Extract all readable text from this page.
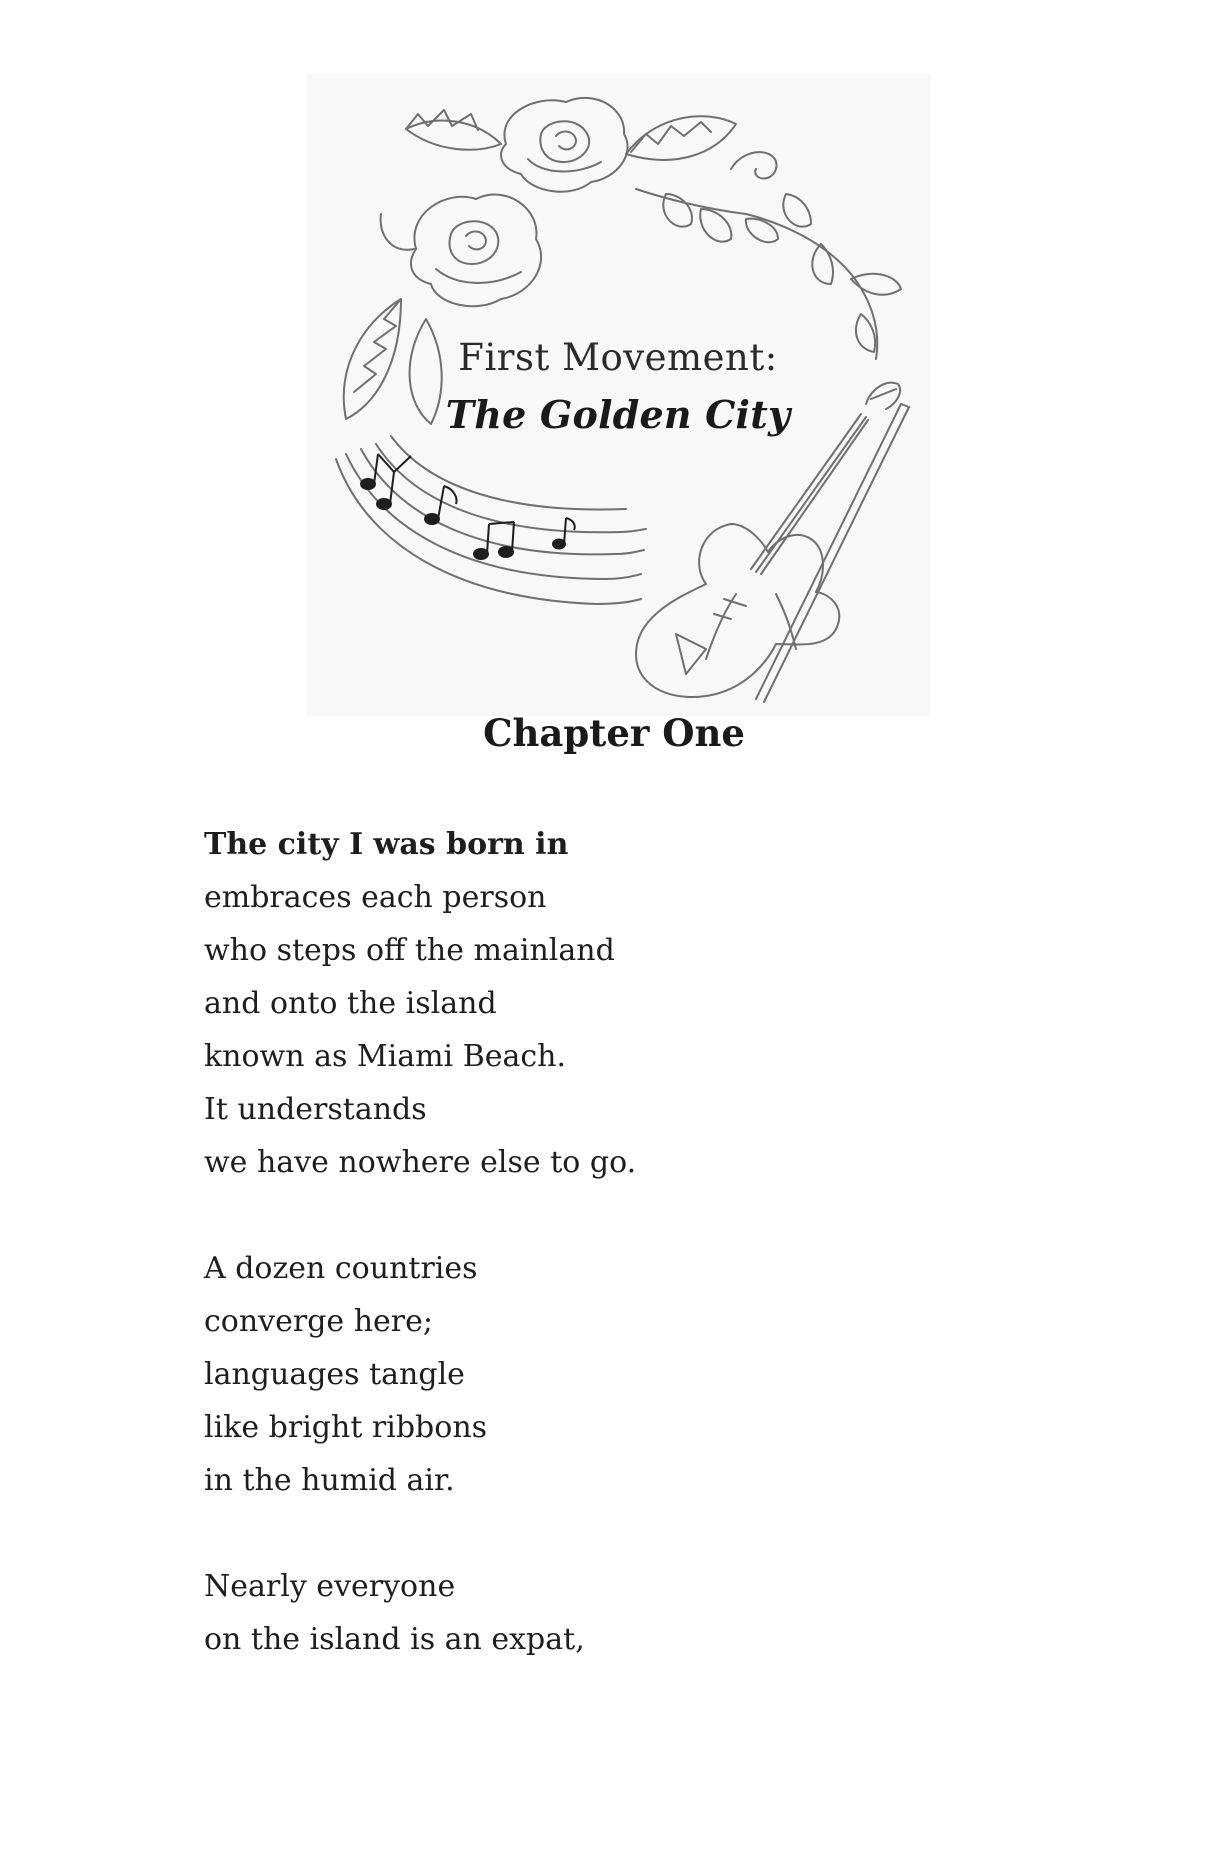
First Movement:
The Golden City
Chapter One
The city I was born in
embraces each person
who steps off the mainland
and onto the island
known as Miami Beach.
It understands
we have nowhere else to go.
A dozen countries
converge here;
languages tangle
like bright ribbons
in the humid air.
Nearly everyone
on the island is an expat,
